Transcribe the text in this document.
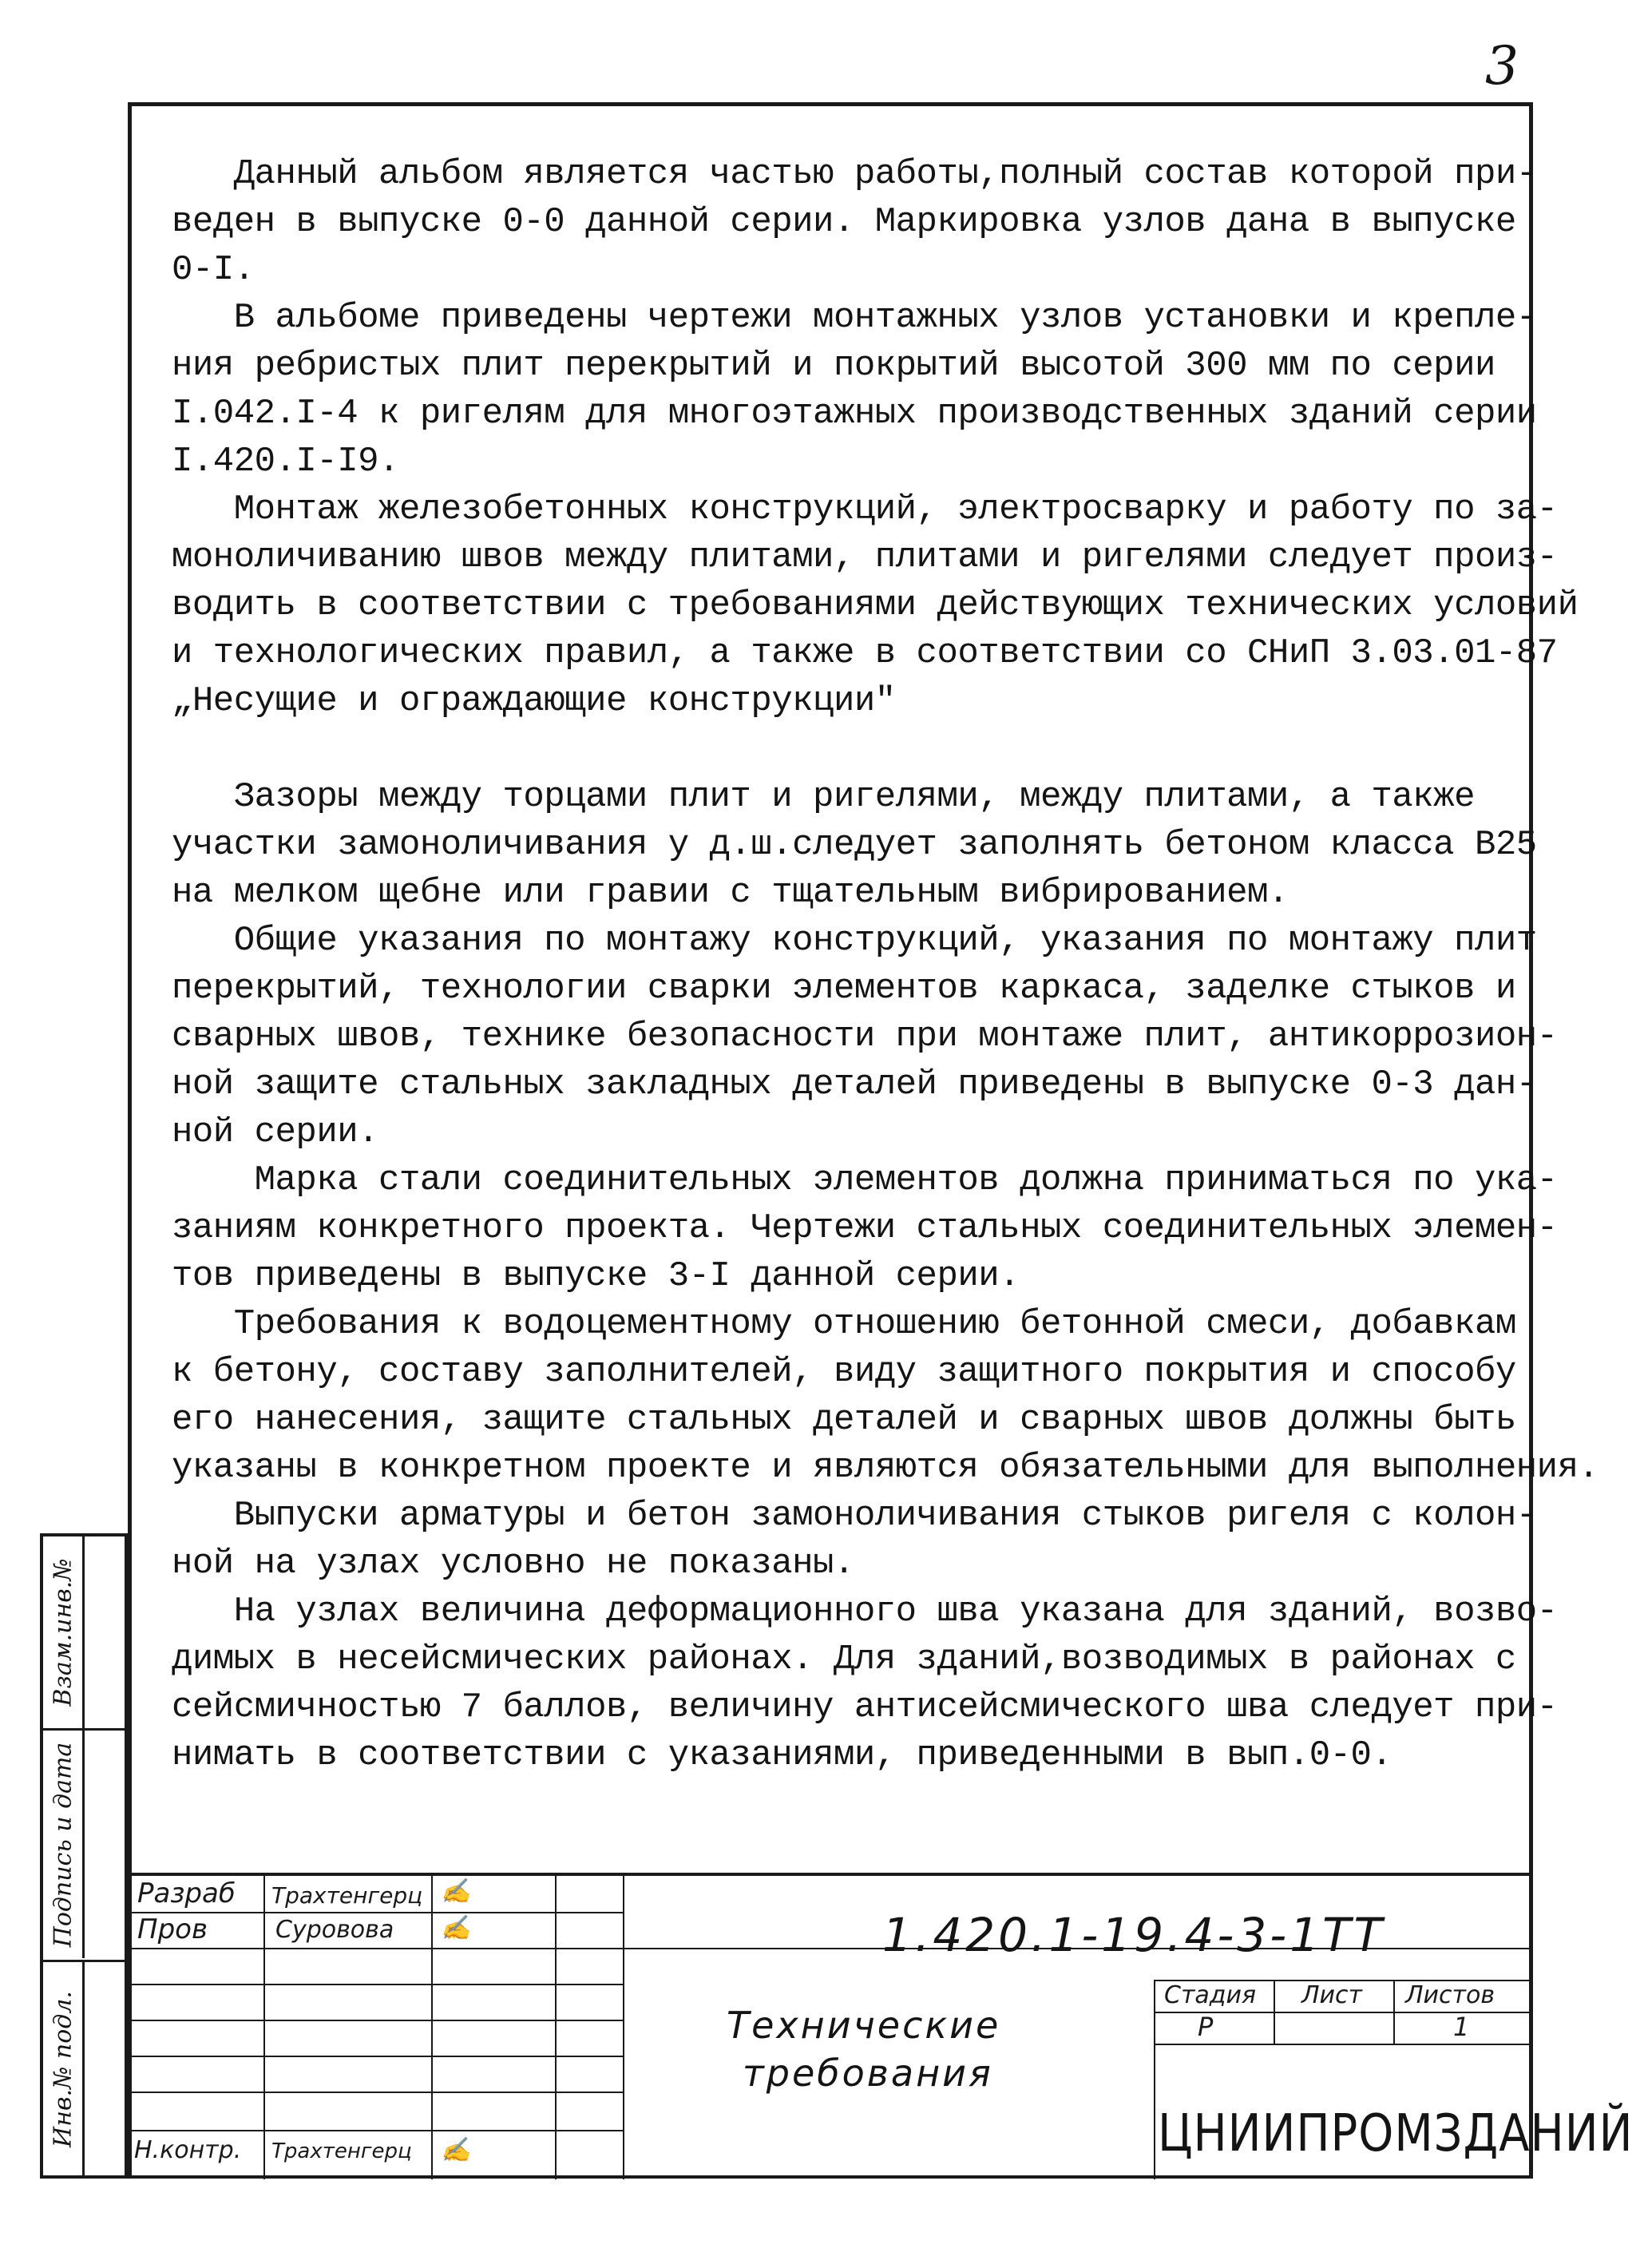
3

Данный альбом является частью работы,полный состав которой при-
веден в выпуске 0-0 данной серии. Маркировка узлов дана в выпуске
0-I.

В альбоме приведены чертежи монтажных узлов установки и крепле-
ния ребристых плит перекрытий и покрытий высотой 300 мм по серии
I.042.I-4 к ригелям для многоэтажных производственных зданий серии
I.420.I-I9.

Монтаж железобетонных конструкций, электросварку и работу по за-
моноличиванию швов между плитами, плитами и ригелями следует произ-
водить в соответствии с требованиями действующих технических условий
и технологических правил, а также в соответствии со СНиП 3.03.01-87
„Несущие и ограждающие конструкции"

Зазоры между торцами плит и ригелями, между плитами, а также
участки замоноличивания у д.ш.следует заполнять бетоном класса В25
на мелком щебне или гравии с тщательным вибрированием.

Общие указания по монтажу конструкций, указания по монтажу плит
перекрытий, технологии сварки элементов каркаса, заделке стыков и
сварных швов, технике безопасности при монтаже плит, антикоррозион-
ной защите стальных закладных деталей приведены в выпуске 0-3 дан-
ной серии.

Марка стали соединительных элементов должна приниматься по ука-
заниям конкретного проекта. Чертежи стальных соединительных элемен-
тов приведены в выпуске 3-I данной серии.

Требования к водоцементному отношению бетонной смеси, добавкам
к бетону, составу заполнителей, виду защитного покрытия и способу
его нанесения, защите стальных деталей и сварных швов должны быть
указаны в конкретном проекте и являются обязательными для выполнения.

Выпуски арматуры и бетон замоноличивания стыков ригеля с колон-
ной на узлах условно не показаны.

На узлах величина деформационного шва указана для зданий, возво-
димых в несейсмических районах. Для зданий,возводимых в районах с
сейсмичностью 7 баллов, величину антисейсмического шва следует при-
нимать в соответствии с указаниями, приведенными в вып.0-0.

Взам.инв.№
Подпись и дата
Инв.№ подл.
Разраб Трахтенгерц ✍
Пров	Суровова ✍
Н.контр. Трахтенгерц ✍
1.420.1-19.4-3-1ТТ
Технические
требования
Стадия Лист Листов
Р	1
ЦНИИПРОМЗДАНИЙ
